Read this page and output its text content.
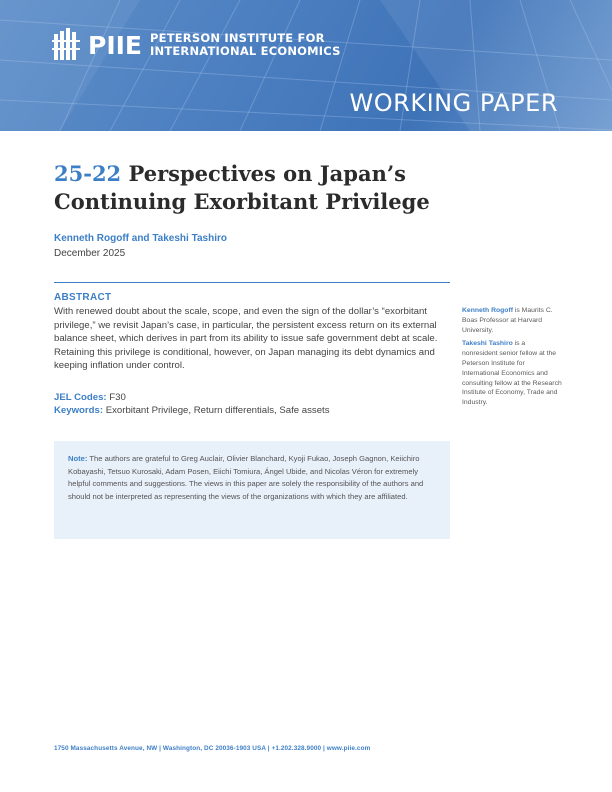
PIIE PETERSON INSTITUTE FOR
INTERNATIONAL ECONOMICS
WORKING PAPER
25-22 Perspectives on Japan’s Continuing Exorbitant Privilege
Kenneth Rogoff and Takeshi Tashiro
December 2025
ABSTRACT

With renewed doubt about the scale, scope, and even the sign of the dollar’s “exorbitant privilege,” we revisit Japan’s case, in particular, the persistent excess return on its external balance sheet, which derives in part from its ability to issue safe government debt at scale. Retaining this privilege is conditional, however, on Japan managing its debt dynamics and keeping inflation under control.

JEL Codes: F30
Keywords: Exorbitant Privilege, Return differentials, Safe assets

Note: The authors are grateful to Greg Auclair, Olivier Blanchard, Kyoji Fukao, Joseph Gagnon, Keiichiro Kobayashi, Tetsuo Kurosaki, Adam Posen, Eiichi Tomiura, Ángel Ubide, and Nicolas Véron for extremely helpful comments and suggestions. The views in this paper are solely the responsibility of the authors and should not be interpreted as representing the views of the organizations with which they are affiliated.

Kenneth Rogoff is Maurits C. Boas Professor at Harvard University.

Takeshi Tashiro is a nonresident senior fellow at the Peterson Institute for International Economics and consulting fellow at the Research Institute of Economy, Trade and Industry.

1750 Massachusetts Avenue, NW | Washington, DC 20036-1903 USA | +1.202.328.9000 | www.piie.com
